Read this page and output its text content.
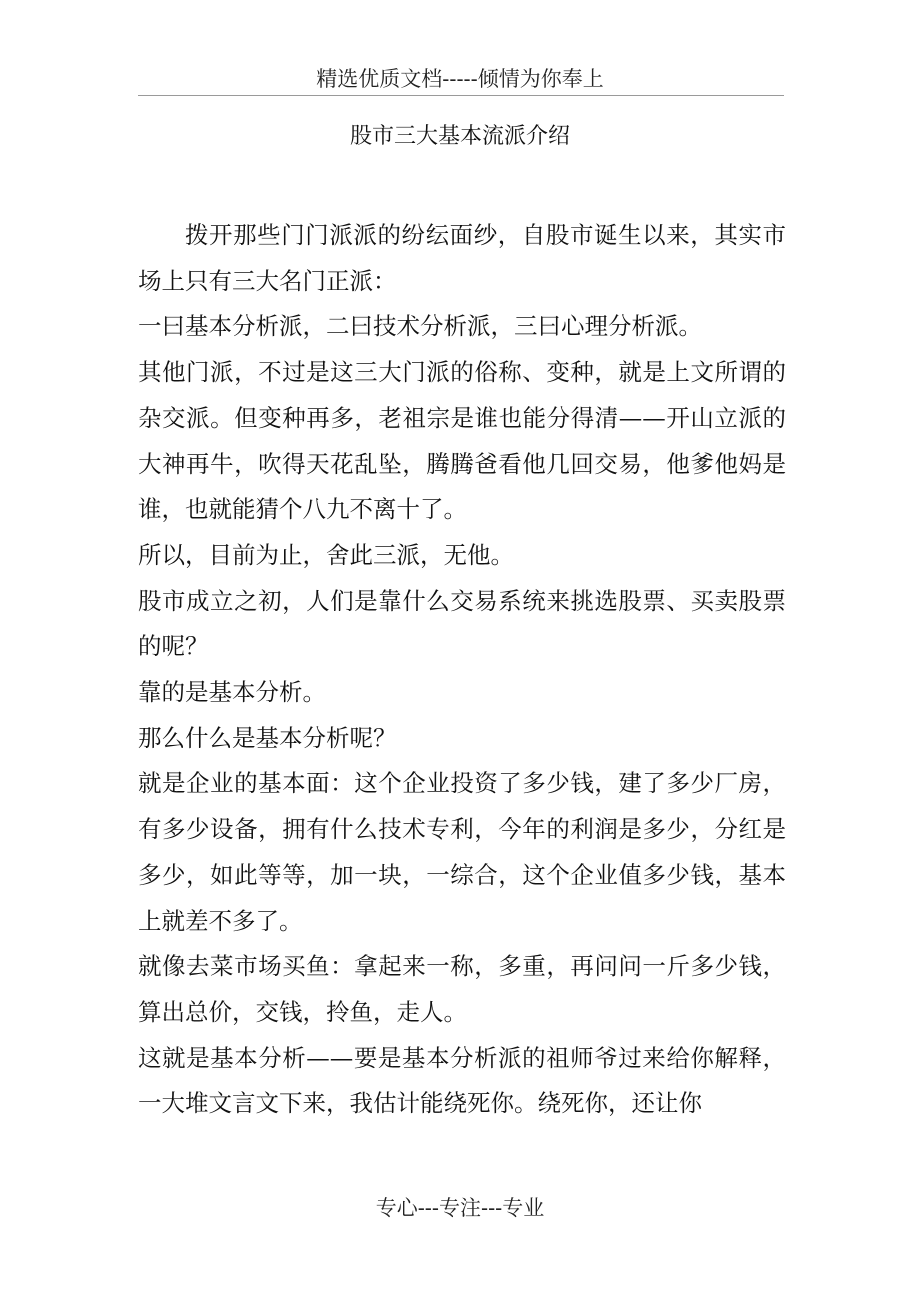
精选优质文档-----倾情为你奉上
股市三大基本流派介绍

拨开那些门门派派的纷纭面纱，自股市诞生以来，其实市场上只有三大名门正派：

一曰基本分析派，二曰技术分析派，三曰心理分析派。

其他门派，不过是这三大门派的俗称、变种，就是上文所谓的杂交派。但变种再多，老祖宗是谁也能分得清——开山立派的大神再牛，吹得天花乱坠，腾腾爸看他几回交易，他爹他妈是谁，也就能猜个八九不离十了。

所以，目前为止，舍此三派，无他。

股市成立之初，人们是靠什么交易系统来挑选股票、买卖股票的呢？

靠的是基本分析。

那么什么是基本分析呢？

就是企业的基本面：这个企业投资了多少钱，建了多少厂房，有多少设备，拥有什么技术专利，今年的利润是多少，分红是多少，如此等等，加一块，一综合，这个企业值多少钱，基本上就差不多了。

就像去菜市场买鱼：拿起来一称，多重，再问问一斤多少钱，算出总价，交钱，拎鱼，走人。

这就是基本分析——要是基本分析派的祖师爷过来给你解释，一大堆文言文下来，我估计能绕死你。绕死你，还让你

专心---专注---专业
